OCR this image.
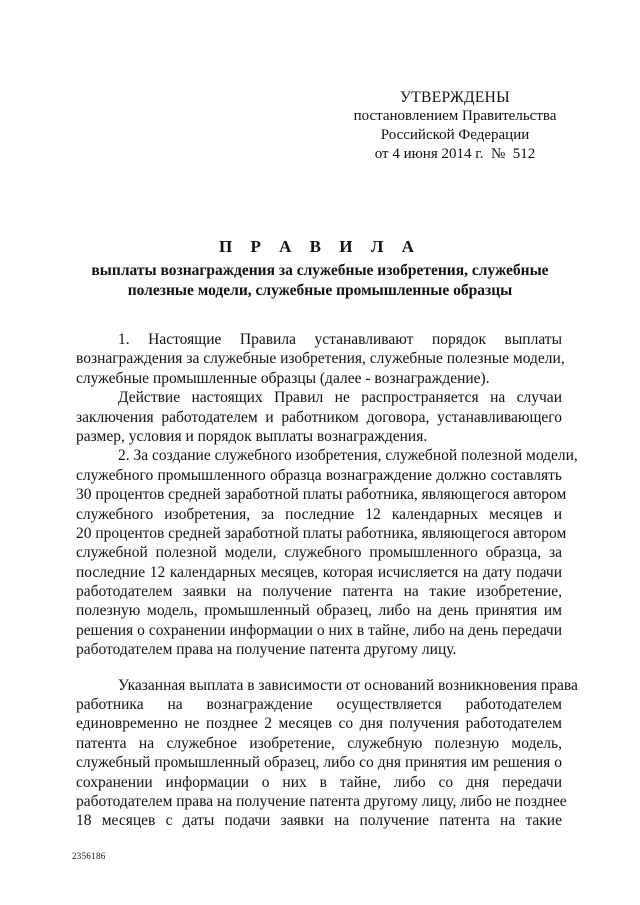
УТВЕРЖДЕНЫ
постановлением Правительства
Российской Федерации
от 4 июня 2014 г.  №  512
П Р А В И Л А
выплаты вознаграждения за служебные изобретения, служебные
полезные модели, служебные промышленные образцы
1. Настоящие Правила устанавливают порядок выплаты
вознаграждения за служебные изобретения, служебные полезные модели,
служебные промышленные образцы (далее - вознаграждение).
Действие настоящих Правил не распространяется на случаи
заключения работодателем и работником договора, устанавливающего
размер, условия и порядок выплаты вознаграждения.
2. За создание служебного изобретения, служебной полезной модели,
служебного промышленного образца вознаграждение должно составлять
30 процентов средней заработной платы работника, являющегося автором
служебного изобретения, за последние 12 календарных месяцев и
20 процентов средней заработной платы работника, являющегося автором
служебной полезной модели, служебного промышленного образца, за
последние 12 календарных месяцев, которая исчисляется на дату подачи
работодателем заявки на получение патента на такие изобретение,
полезную модель, промышленный образец, либо на день принятия им
решения о сохранении информации о них в тайне, либо на день передачи
работодателем права на получение патента другому лицу.
Указанная выплата в зависимости от оснований возникновения права
работника на вознаграждение осуществляется работодателем
единовременно не позднее 2 месяцев со дня получения работодателем
патента на служебное изобретение, служебную полезную модель,
служебный промышленный образец, либо со дня принятия им решения о
сохранении информации о них в тайне, либо со дня передачи
работодателем права на получение патента другому лицу, либо не позднее
18 месяцев с даты подачи заявки на получение патента на такие
2356186
